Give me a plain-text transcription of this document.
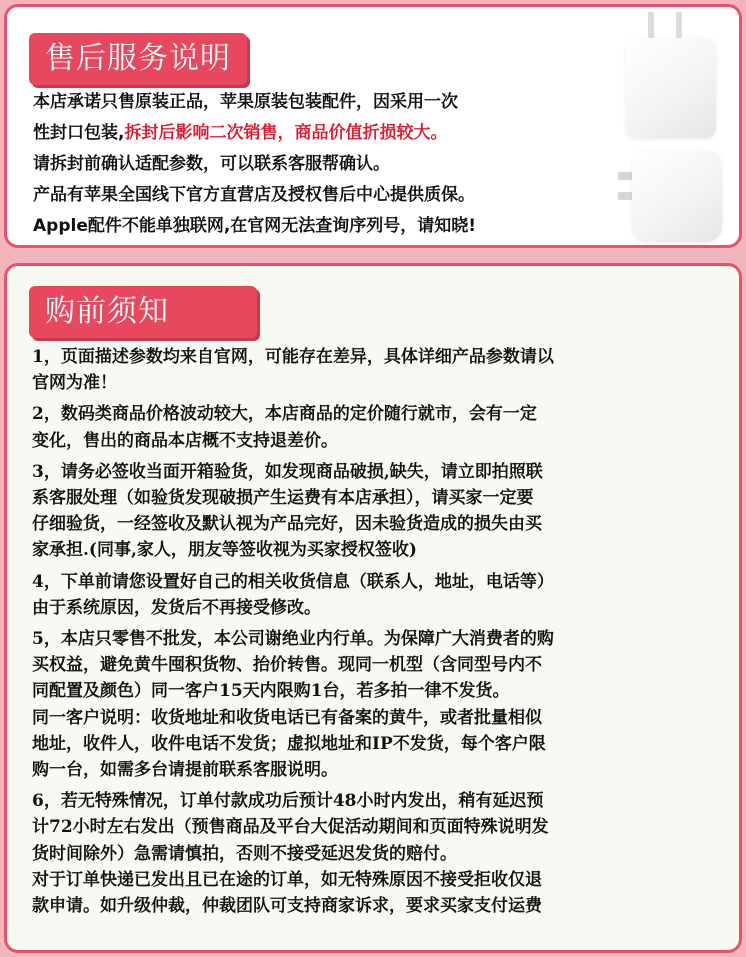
售后服务说明
本店承诺只售原装正品，苹果原装包装配件，因采用一次
性封口包装,拆封后影响二次销售，商品价值折损较大。
请拆封前确认适配参数，可以联系客服帮确认。
产品有苹果全国线下官方直营店及授权售后中心提供质保。
Apple配件不能单独联网,在官网无法查询序列号，请知晓!
购前须知
1，页面描述参数均来自官网，可能存在差异，具体详细产品参数请以
官网为准！
2，数码类商品价格波动较大，本店商品的定价随行就市，会有一定
变化，售出的商品本店概不支持退差价。
3，请务必签收当面开箱验货，如发现商品破损,缺失，请立即拍照联
系客服处理（如验货发现破损产生运费有本店承担），请买家一定要
仔细验货，一经签收及默认视为产品完好，因未验货造成的损失由买
家承担.(同事,家人，朋友等签收视为买家授权签收)
4，下单前请您设置好自己的相关收货信息（联系人，地址，电话等）
由于系统原因，发货后不再接受修改。
5，本店只零售不批发，本公司谢绝业内行单。为保障广大消费者的购
买权益，避免黄牛囤积货物、抬价转售。现同一机型（含同型号内不
同配置及颜色）同一客户15天内限购1台，若多拍一律不发货。
同一客户说明：收货地址和收货电话已有备案的黄牛，或者批量相似
地址，收件人，收件电话不发货；虚拟地址和IP不发货，每个客户限
购一台，如需多台请提前联系客服说明。
6，若无特殊情况，订单付款成功后预计48小时内发出，稍有延迟预
计72小时左右发出（预售商品及平台大促活动期间和页面特殊说明发
货时间除外）急需请慎拍，否则不接受延迟发货的赔付。
对于订单快递已发出且已在途的订单，如无特殊原因不接受拒收仅退
款申请。如升级仲裁，仲裁团队可支持商家诉求，要求买家支付运费
